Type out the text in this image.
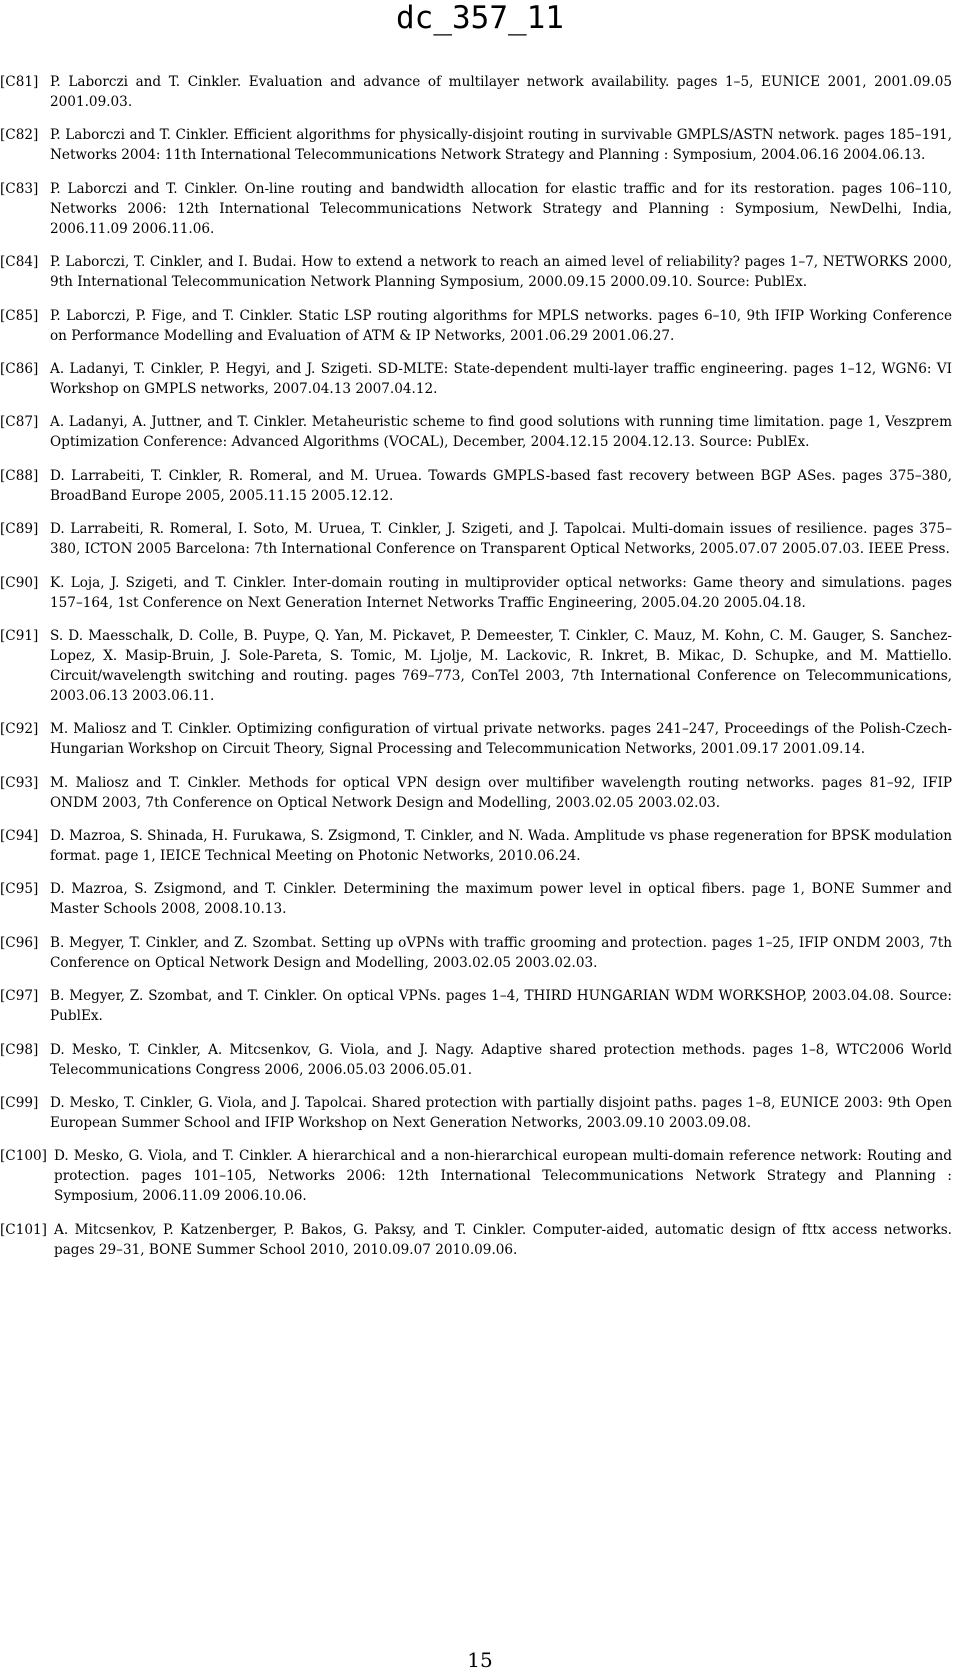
dc_357_11
[C81] P. Laborczi and T. Cinkler. Evaluation and advance of multilayer network availability. pages 1–5, EUNICE 2001, 2001.09.05 2001.09.03.
[C82] P. Laborczi and T. Cinkler. Efficient algorithms for physically-disjoint routing in survivable GMPLS/ASTN network. pages 185–191, Networks 2004: 11th International Telecommunications Network Strategy and Planning : Symposium, 2004.06.16 2004.06.13.
[C83] P. Laborczi and T. Cinkler. On-line routing and bandwidth allocation for elastic traffic and for its restoration. pages 106–110, Networks 2006: 12th International Telecommunications Network Strategy and Planning : Symposium, NewDelhi, India, 2006.11.09 2006.11.06.
[C84] P. Laborczi, T. Cinkler, and I. Budai. How to extend a network to reach an aimed level of reliability? pages 1–7, NETWORKS 2000, 9th International Telecommunication Network Planning Symposium, 2000.09.15 2000.09.10. Source: PublEx.
[C85] P. Laborczi, P. Fige, and T. Cinkler. Static LSP routing algorithms for MPLS networks. pages 6–10, 9th IFIP Working Conference on Performance Modelling and Evaluation of ATM & IP Networks, 2001.06.29 2001.06.27.
[C86] A. Ladanyi, T. Cinkler, P. Hegyi, and J. Szigeti. SD-MLTE: State-dependent multi-layer traffic engineering. pages 1–12, WGN6: VI Workshop on GMPLS networks, 2007.04.13 2007.04.12.
[C87] A. Ladanyi, A. Juttner, and T. Cinkler. Metaheuristic scheme to find good solutions with running time limitation. page 1, Veszprem Optimization Conference: Advanced Algorithms (VOCAL), December, 2004.12.15 2004.12.13. Source: PublEx.
[C88] D. Larrabeiti, T. Cinkler, R. Romeral, and M. Uruea. Towards GMPLS-based fast recovery between BGP ASes. pages 375–380, BroadBand Europe 2005, 2005.11.15 2005.12.12.
[C89] D. Larrabeiti, R. Romeral, I. Soto, M. Uruea, T. Cinkler, J. Szigeti, and J. Tapolcai. Multi-domain issues of resilience. pages 375–380, ICTON 2005 Barcelona: 7th International Conference on Transparent Optical Networks, 2005.07.07 2005.07.03. IEEE Press.
[C90] K. Loja, J. Szigeti, and T. Cinkler. Inter-domain routing in multiprovider optical networks: Game theory and simulations. pages 157–164, 1st Conference on Next Generation Internet Networks Traffic Engineering, 2005.04.20 2005.04.18.
[C91] S. D. Maesschalk, D. Colle, B. Puype, Q. Yan, M. Pickavet, P. Demeester, T. Cinkler, C. Mauz, M. Kohn, C. M. Gauger, S. Sanchez-Lopez, X. Masip-Bruin, J. Sole-Pareta, S. Tomic, M. Ljolje, M. Lackovic, R. Inkret, B. Mikac, D. Schupke, and M. Mattiello. Circuit/wavelength switching and routing. pages 769–773, ConTel 2003, 7th International Conference on Telecommunications, 2003.06.13 2003.06.11.
[C92] M. Maliosz and T. Cinkler. Optimizing configuration of virtual private networks. pages 241–247, Proceedings of the Polish-Czech-Hungarian Workshop on Circuit Theory, Signal Processing and Telecommunication Networks, 2001.09.17 2001.09.14.
[C93] M. Maliosz and T. Cinkler. Methods for optical VPN design over multifiber wavelength routing networks. pages 81–92, IFIP ONDM 2003, 7th Conference on Optical Network Design and Modelling, 2003.02.05 2003.02.03.
[C94] D. Mazroa, S. Shinada, H. Furukawa, S. Zsigmond, T. Cinkler, and N. Wada. Amplitude vs phase regeneration for BPSK modulation format. page 1, IEICE Technical Meeting on Photonic Networks, 2010.06.24.
[C95] D. Mazroa, S. Zsigmond, and T. Cinkler. Determining the maximum power level in optical fibers. page 1, BONE Summer and Master Schools 2008, 2008.10.13.
[C96] B. Megyer, T. Cinkler, and Z. Szombat. Setting up oVPNs with traffic grooming and protection. pages 1–25, IFIP ONDM 2003, 7th Conference on Optical Network Design and Modelling, 2003.02.05 2003.02.03.
[C97] B. Megyer, Z. Szombat, and T. Cinkler. On optical VPNs. pages 1–4, THIRD HUNGARIAN WDM WORKSHOP, 2003.04.08. Source: PublEx.
[C98] D. Mesko, T. Cinkler, A. Mitcsenkov, G. Viola, and J. Nagy. Adaptive shared protection methods. pages 1–8, WTC2006 World Telecommunications Congress 2006, 2006.05.03 2006.05.01.
[C99] D. Mesko, T. Cinkler, G. Viola, and J. Tapolcai. Shared protection with partially disjoint paths. pages 1–8, EUNICE 2003: 9th Open European Summer School and IFIP Workshop on Next Generation Networks, 2003.09.10 2003.09.08.
[C100] D. Mesko, G. Viola, and T. Cinkler. A hierarchical and a non-hierarchical european multi-domain reference network: Routing and protection. pages 101–105, Networks 2006: 12th International Telecommunications Network Strategy and Planning : Symposium, 2006.11.09 2006.10.06.
[C101] A. Mitcsenkov, P. Katzenberger, P. Bakos, G. Paksy, and T. Cinkler. Computer-aided, automatic design of fttx access networks. pages 29–31, BONE Summer School 2010, 2010.09.07 2010.09.06.
15
